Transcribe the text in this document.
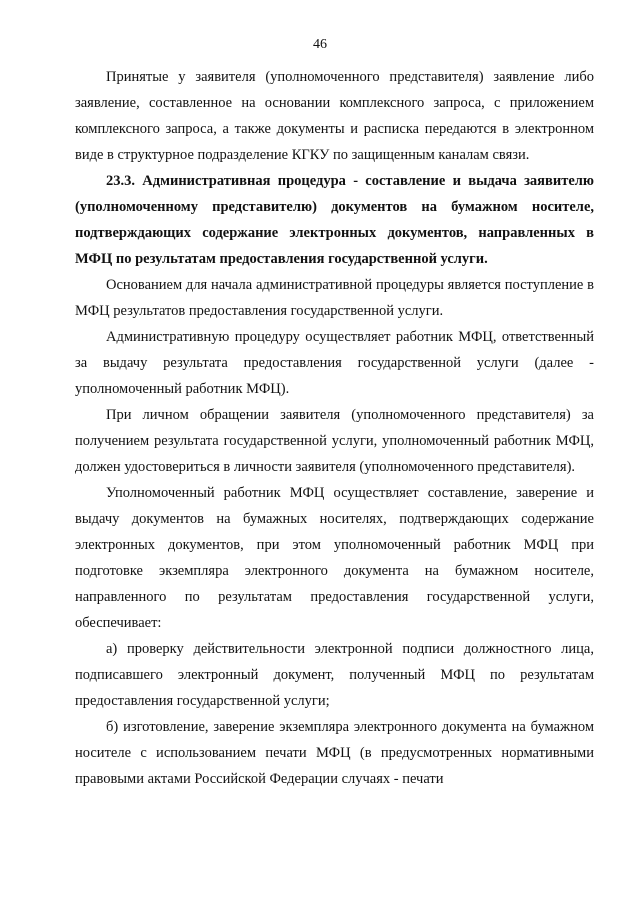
46

Принятые у заявителя (уполномоченного представителя) заявление либо заявление, составленное на основании комплексного запроса, с приложением комплексного запроса, а также документы и расписка передаются в электронном виде в структурное подразделение КГКУ по защищенным каналам связи.

23.3. Административная процедура - составление и выдача заявителю (уполномоченному представителю) документов на бумажном носителе, подтверждающих содержание электронных документов, направленных в МФЦ по результатам предоставления государственной услуги.

Основанием для начала административной процедуры является поступление в МФЦ результатов предоставления государственной услуги.

Административную процедуру осуществляет работник МФЦ, ответственный за выдачу результата предоставления государственной услуги (далее - уполномоченный работник МФЦ).

При личном обращении заявителя (уполномоченного представителя) за получением результата государственной услуги, уполномоченный работник МФЦ, должен удостовериться в личности заявителя (уполномоченного представителя).

Уполномоченный работник МФЦ осуществляет составление, заверение и выдачу документов на бумажных носителях, подтверждающих содержание электронных документов, при этом уполномоченный работник МФЦ при подготовке экземпляра электронного документа на бумажном носителе, направленного по результатам предоставления государственной услуги, обеспечивает:

а) проверку действительности электронной подписи должностного лица, подписавшего электронный документ, полученный МФЦ по результатам предоставления государственной услуги;

б) изготовление, заверение экземпляра электронного документа на бумажном носителе с использованием печати МФЦ (в предусмотренных нормативными правовыми актами Российской Федерации случаях - печати
